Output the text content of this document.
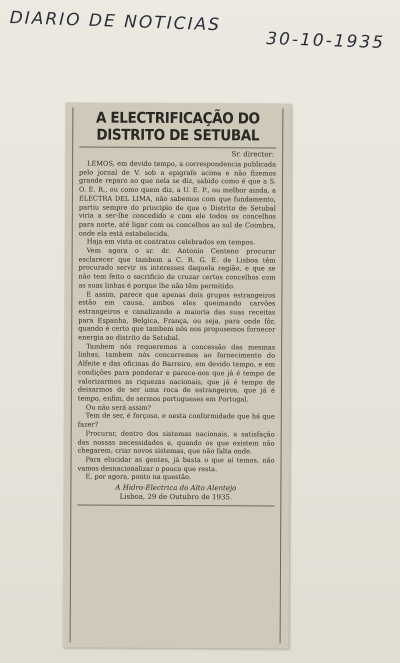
DIARIO DE NOTICIAS
30-10-1935
A ELECTRIFICAÇÃO DO DISTRITO DE SETUBAL
Sr. director:

LEMOS, em devido tempo, a correspondencia publicada pelo jornal de V. sob a epigrafe acima e não fizemos grande reparo ao que nela se diz, sabido como é que a S. O. E. R., ou como quem diz, a U. E. P., ou melhor ainda, a ELECTRA DEL LIMA, não sabemos com que fundamento, partiu sempre do principio de que o Distrito de Setubal viria a ser-lhe concedido e com ele todos os concelhos para norte, até ligar com os concelhos ao sul de Coimbra, onde ela está estabelecida.

Haja em vista os contratos celebrados em tempos.

Vem agora o sr. dr. Antonio Centeno procurar esclarecer que tambem a C. R. G. E. de Lisboa têm procurado servir os interesses daquela região, e que se não tem feito o sacrificio de cruzar certos concelhos com as suas linhas é porque lhe não têm permitido.

E assim, parece que apenas dois grupos estrangeiros estão em causa, ambos eles queimando carvões estrangeiros e canalizando a maioria das suas receitas para Espanha, Belgica, França, ou seja, para onde fôr, quando é certo que tambem nós nos propusemos fornecer energia ao distrito de Setubal.

Tambem nós requeremos a concessão das mesmas linhas, tambem nós concorremos ao fornecimento do Alfeite e das oficinas do Barreiro, em devido tempo, e em condições para ponderar e parece-nos que já é tempo de valorizarmos as riquezas nacionais, que já é tempo de deixarmos de ser uma roca de estrangeiros, que já é tempo, enfim, de sermos portugueses em Portugal.

Ou não será assim?

Tem de ser, é forçoso, e nesta conformidade que há que fazer?

Procurar, dentro dos sistemas nacionais, a satisfação das nossas necessidades e, quando os que existem não chegarem, criar novos sistemas, que não falta onde.

Para elucidar as gentes, já basta o que aí temos, não vamos desnacionalizar o pouco que resta.

E, por agora, ponto na questão.

A Hidro-Electrica do Alto Alentejo
Lisboa, 29 de Outubro de 1935.
